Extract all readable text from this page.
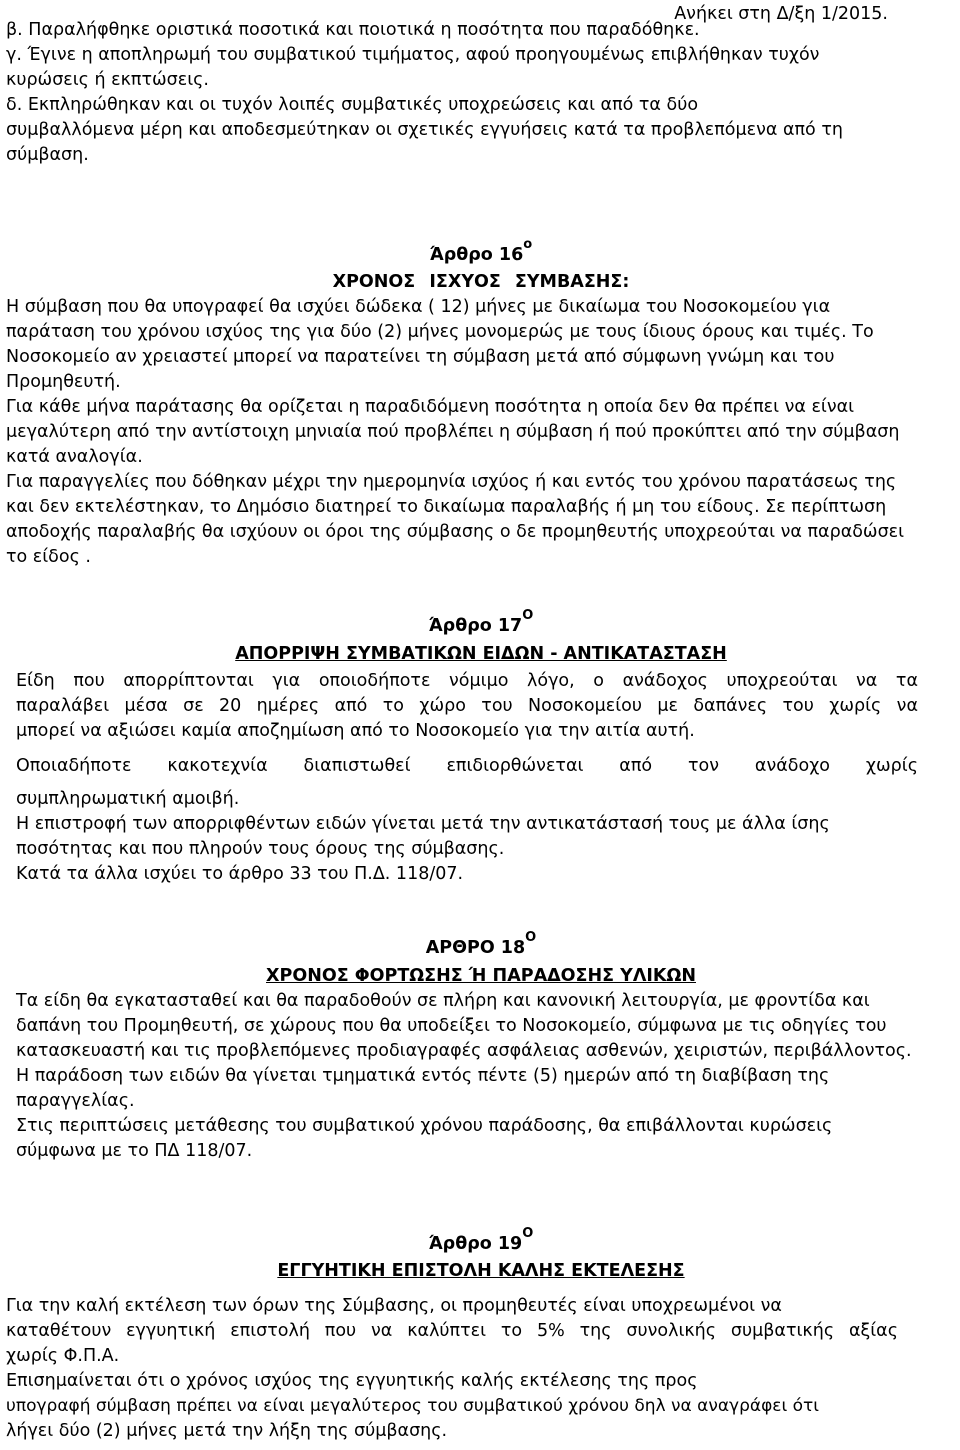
Ανήκει στη Δ/ξη 1/2015.

β. Παραλήφθηκε οριστικά ποσοτικά και ποιοτικά η ποσότητα που παραδόθηκε.

γ. Έγινε η αποπληρωμή του συμβατικού τιμήματος, αφού προηγουμένως επιβλήθηκαν τυχόν

κυρώσεις ή εκπτώσεις.

δ. Εκπληρώθηκαν και οι τυχόν λοιπές συμβατικές υποχρεώσεις και από τα δύο

συμβαλλόμενα μέρη και αποδεσμεύτηκαν οι σχετικές εγγυήσεις κατά τα προβλεπόμενα από τη

σύμβαση.

Άρθρο $16^o$

ΧΡΟΝΟΣ ΙΣΧΥΟΣ ΣΥΜΒΑΣΗΣ:

Η σύμβαση που θα υπογραφεί θα ισχύει δώδεκα ( 12) μήνες με δικαίωμα του Νοσοκομείου για

παράταση του χρόνου ισχύος της για δύο (2) μήνες μονομερώς με τους ίδιους όρους και τιμές. Το

Νοσοκομείο αν χρειαστεί μπορεί να παρατείνει τη σύμβαση μετά από σύμφωνη γνώμη και του

Προμηθευτή.

Για κάθε μήνα παράτασης θα ορίζεται η παραδιδόμενη ποσότητα η οποία δεν θα πρέπει να είναι

μεγαλύτερη από την αντίστοιχη μηνιαία πού προβλέπει η σύμβαση ή πού προκύπτει από την σύμβαση

κατά αναλογία.

Για παραγγελίες που δόθηκαν μέχρι την ημερομηνία ισχύος ή και εντός του χρόνου παρατάσεως της

και δεν εκτελέστηκαν, το Δημόσιο διατηρεί το δικαίωμα παραλαβής ή μη του είδους. Σε περίπτωση

αποδοχής παραλαβής θα ισχύουν οι όροι της σύμβασης ο δε προμηθευτής υποχρεούται να παραδώσει

το είδος .

Άρθρο $17^O$

ΑΠΟΡΡΙΨΗ ΣΥΜΒΑΤΙΚΩΝ ΕΙΔΩΝ - ΑΝΤΙΚΑΤΑΣΤΑΣΗ

Είδη που απορρίπτονται για οποιοδήποτε νόμιμο λόγο, ο ανάδοχος υποχρεούται να τα

παραλάβει μέσα σε 20 ημέρες από το χώρο του Νοσοκομείου με δαπάνες του χωρίς να

μπορεί να αξιώσει καμία αποζημίωση από το Νοσοκομείο για την αιτία αυτή.

Οποιαδήποτε κακοτεχνία διαπιστωθεί επιδιορθώνεται από τον ανάδοχο χωρίς

συμπληρωματική αμοιβή.

Η επιστροφή των απορριφθέντων ειδών γίνεται μετά την αντικατάστασή τους με άλλα ίσης

ποσότητας και που πληρούν τους όρους της σύμβασης.

Κατά τα άλλα ισχύει το άρθρο 33 του Π.Δ. 118/07.

ΑΡΘΡΟ $18^O$

ΧΡΟΝΟΣ ΦΟΡΤΩΣΗΣ Ή ΠΑΡΑΔΟΣΗΣ ΥΛΙΚΩΝ

Τα είδη θα εγκατασταθεί και θα παραδοθούν σε πλήρη και κανονική λειτουργία, με φροντίδα και

δαπάνη του Προμηθευτή, σε χώρους που θα υποδείξει το Νοσοκομείο, σύμφωνα με τις οδηγίες του

κατασκευαστή και τις προβλεπόμενες προδιαγραφές ασφάλειας ασθενών, χειριστών, περιβάλλοντος.

Η παράδοση των ειδών θα γίνεται τμηματικά εντός πέντε (5) ημερών από τη διαβίβαση της

παραγγελίας.

Στις περιπτώσεις μετάθεσης του συμβατικού χρόνου παράδοσης, θα επιβάλλονται κυρώσεις

σύμφωνα με το ΠΔ 118/07.

Άρθρο $19^O$

ΕΓΓΥΗΤΙΚΗ ΕΠΙΣΤΟΛΗ ΚΑΛΗΣ ΕΚΤΕΛΕΣΗΣ

Για την καλή εκτέλεση των όρων της Σύμβασης, οι προμηθευτές είναι υποχρεωμένοι να

καταθέτουν εγγυητική επιστολή που να καλύπτει το 5% της συνολικής συμβατικής αξίας

χωρίς Φ.Π.Α.

Επισημαίνεται ότι ο χρόνος ισχύος της εγγυητικής καλής εκτέλεσης της προς

υπογραφή σύμβαση πρέπει να είναι μεγαλύτερος του συμβατικού χρόνου δηλ να αναγράφει ότι

λήγει δύο (2) μήνες μετά την λήξη της σύμβασης.
